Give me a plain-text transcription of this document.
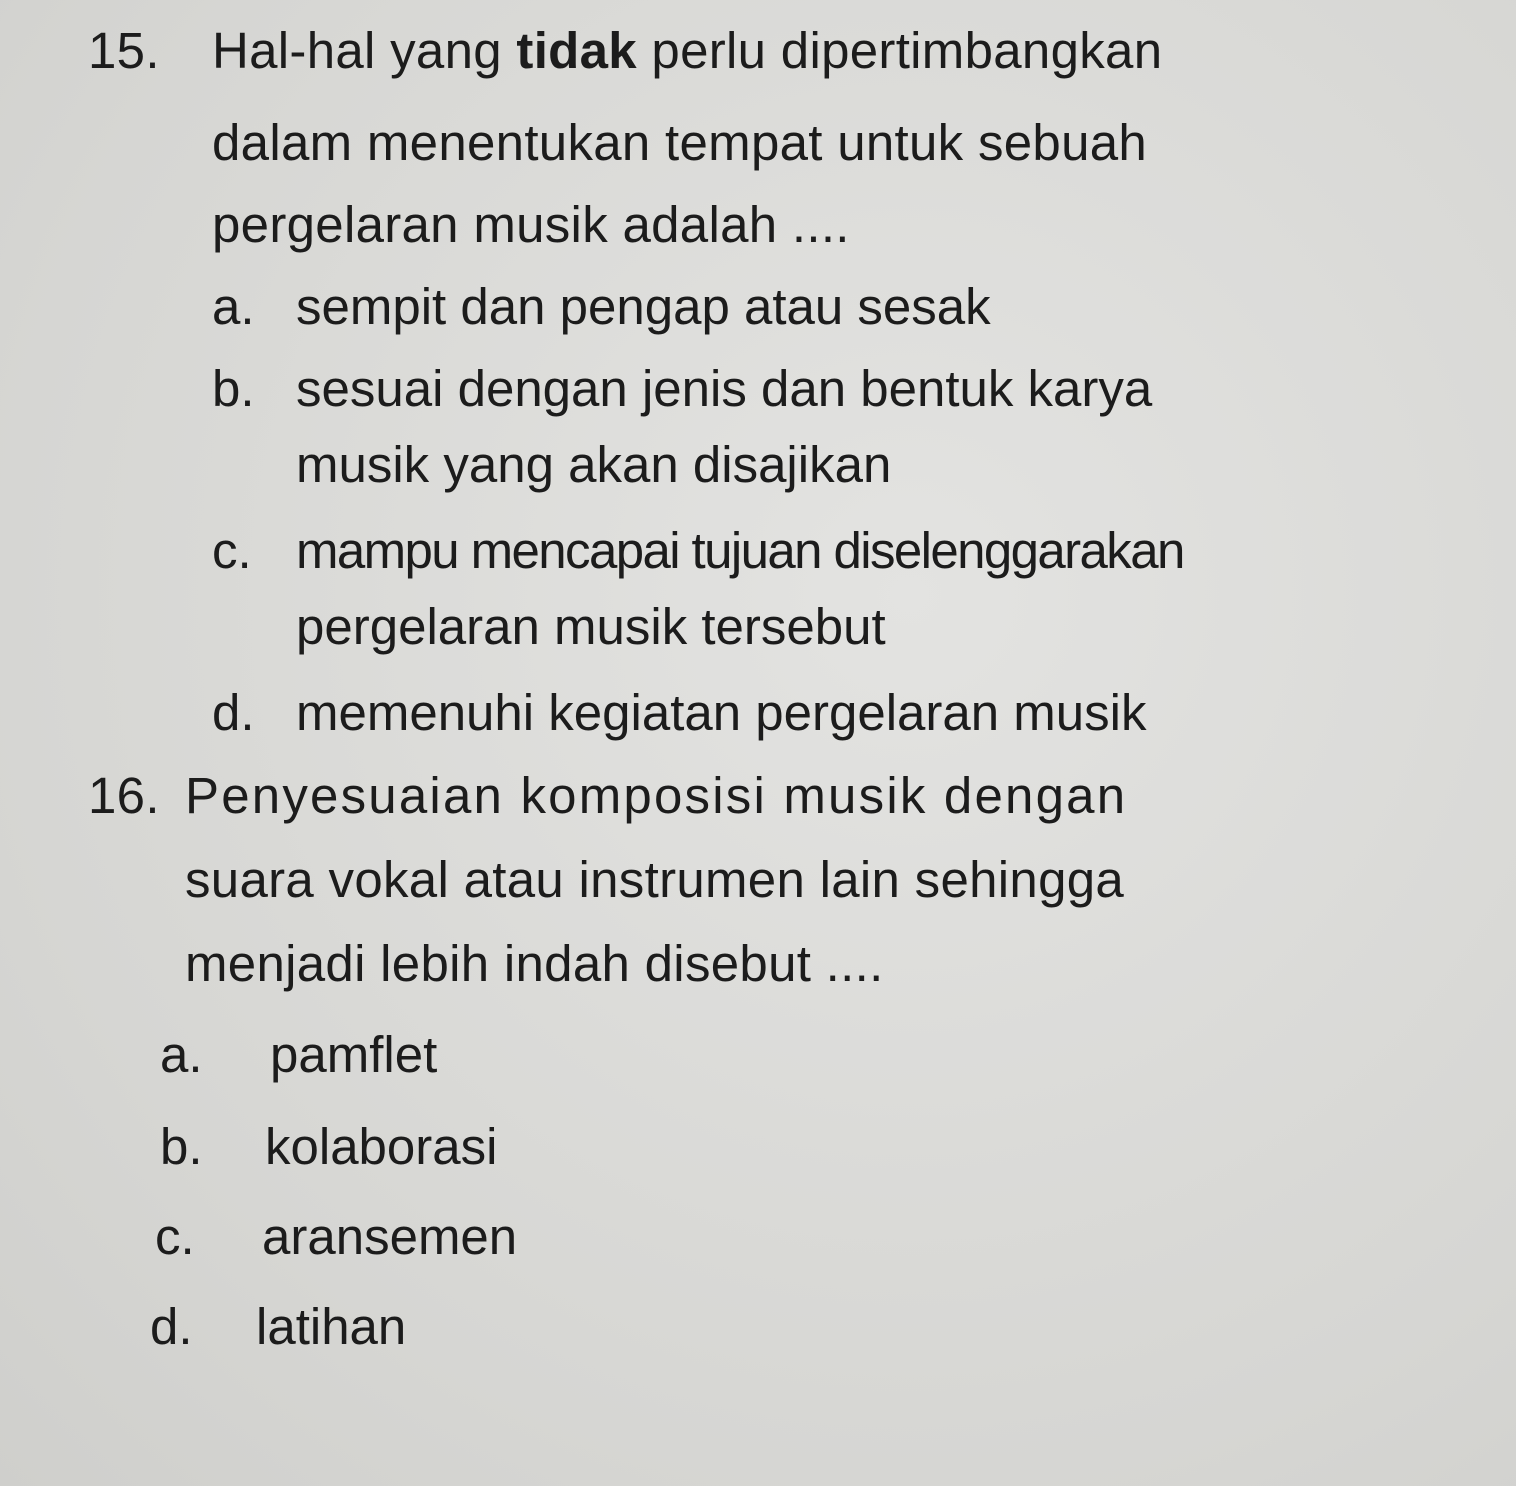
15. Hal-hal yang tidak perlu dipertimbangkan
dalam menentukan tempat untuk sebuah
pergelaran musik adalah ....
a. sempit dan pengap atau sesak
b. sesuai dengan jenis dan bentuk karya
musik yang akan disajikan
c. mampu mencapai tujuan diselenggarakan
pergelaran musik tersebut
d. memenuhi kegiatan pergelaran musik
16. Penyesuaian komposisi musik dengan
suara vokal atau instrumen lain sehingga
menjadi lebih indah disebut ....
a. pamflet
b. kolaborasi
c. aransemen
d. latihan
